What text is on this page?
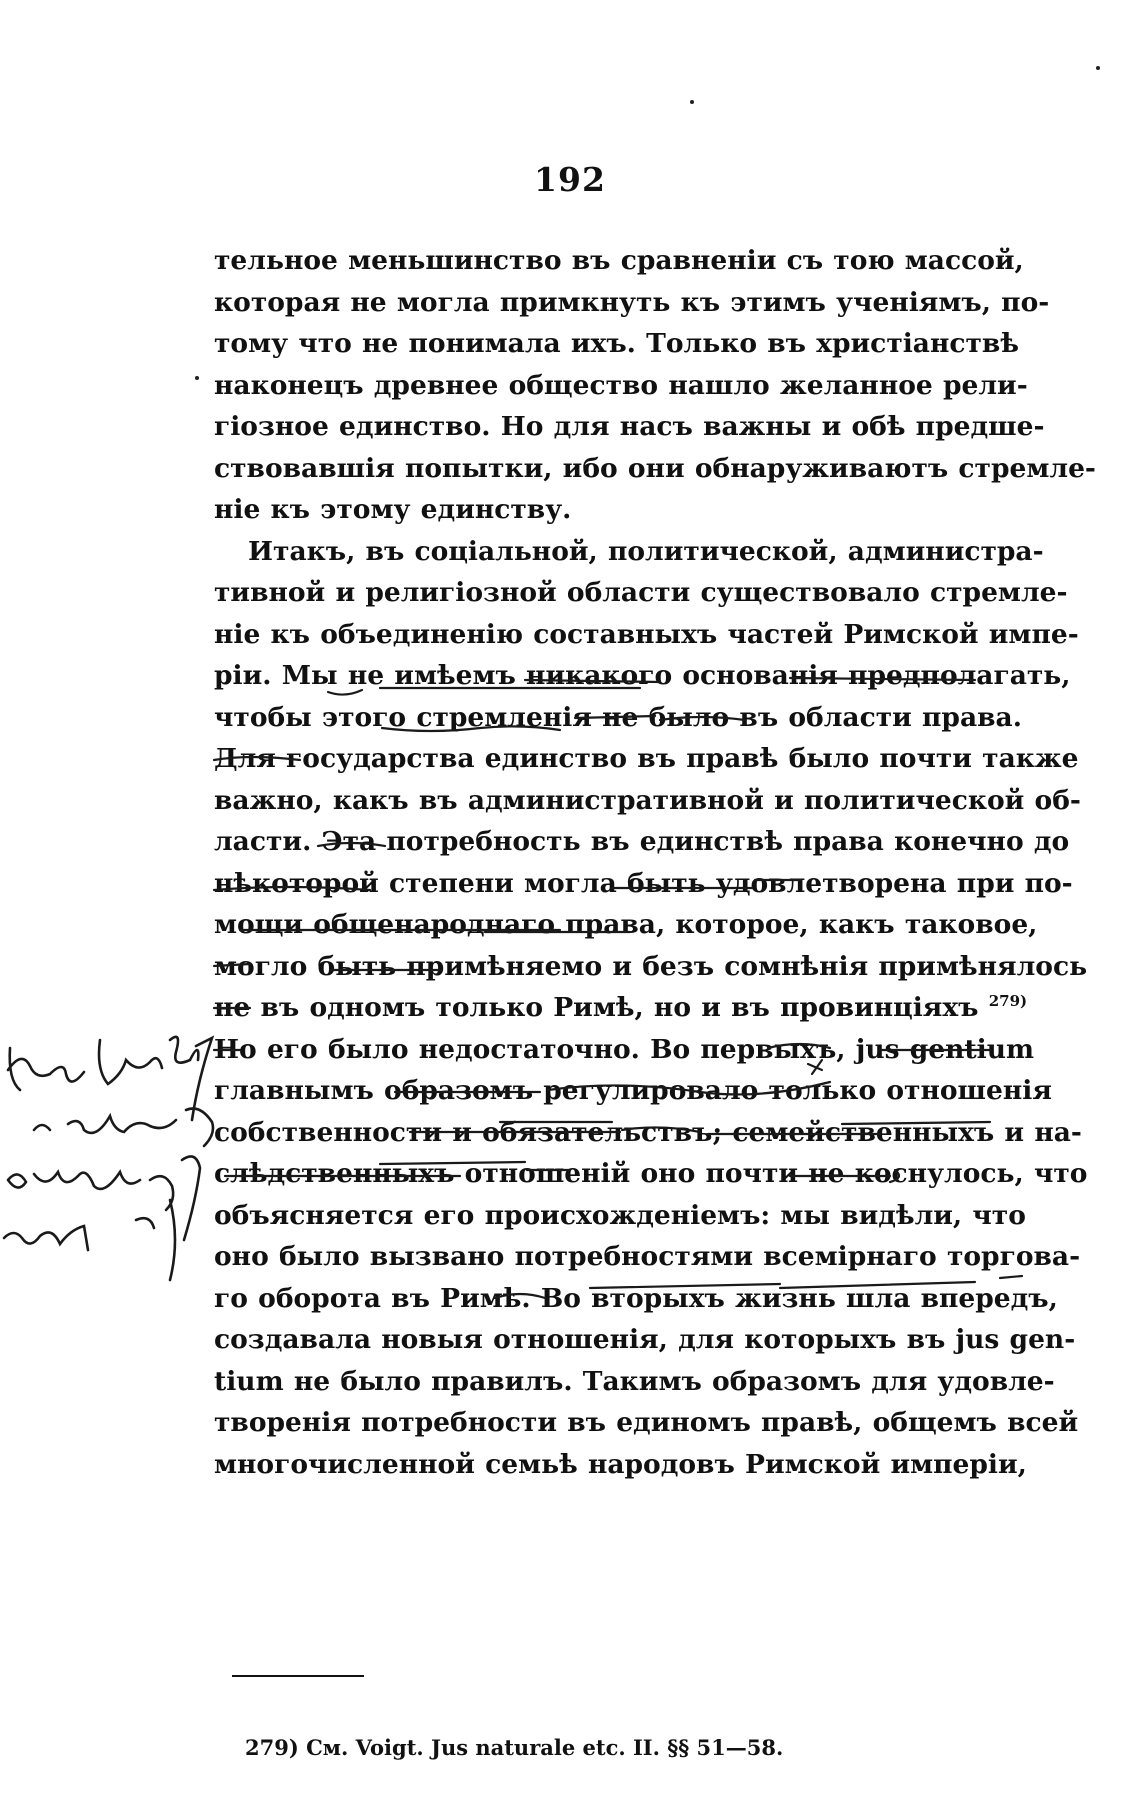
192
тельное меньшинство въ сравненіи съ тою массой,
которая не могла примкнуть къ этимъ ученіямъ, по-
тому что не понимала ихъ. Только въ христіанствѣ
наконецъ древнее общество нашло желанное рели-
гіозное единство. Но для насъ важны и обѣ предше-
ствовавшія попытки, ибо они обнаруживаютъ стремле-
ніе къ этому единству.
Итакъ, въ соціальной, политической, администра-
тивной и религіозной области существовало стремле-
ніе къ объединенію составныхъ частей Римской импе-
ріи. Мы не имѣемъ никакого основанія предполагать,
чтобы этого стремленія не было въ области права.
Для государства единство въ правѣ было почти также
важно, какъ въ административной и политической об-
ласти. Эта потребность въ единствѣ права конечно до
нѣкоторой степени могла быть удовлетворена при по-
мощи общенароднаго права, которое, какъ таковое,
могло быть примѣняемо и безъ сомнѣнія примѣнялось
не въ одномъ только Римѣ, но и въ провинціяхъ $^{279)}$
Но его было недостаточно. Во первыхъ, jus gentium
главнымъ образомъ регулировало только отношенія
собственности и обязательствъ; семейственныхъ и на-
слѣдственныхъ отношеній оно почти не коснулось, что
объясняется его происхожденіемъ: мы видѣли, что
оно было вызвано потребностями всемірнаго торгова-
го оборота въ Римѣ. Во вторыхъ жизнь шла впередъ,
создавала новыя отношенія, для которыхъ въ jus gen-
tium не было правилъ. Такимъ образомъ для удовле-
творенія потребности въ единомъ правѣ, общемъ всей
многочисленной семьѣ народовъ Римской имперіи,
279) См. Voigt. Jus naturale etc. II. §§ 51—58.
